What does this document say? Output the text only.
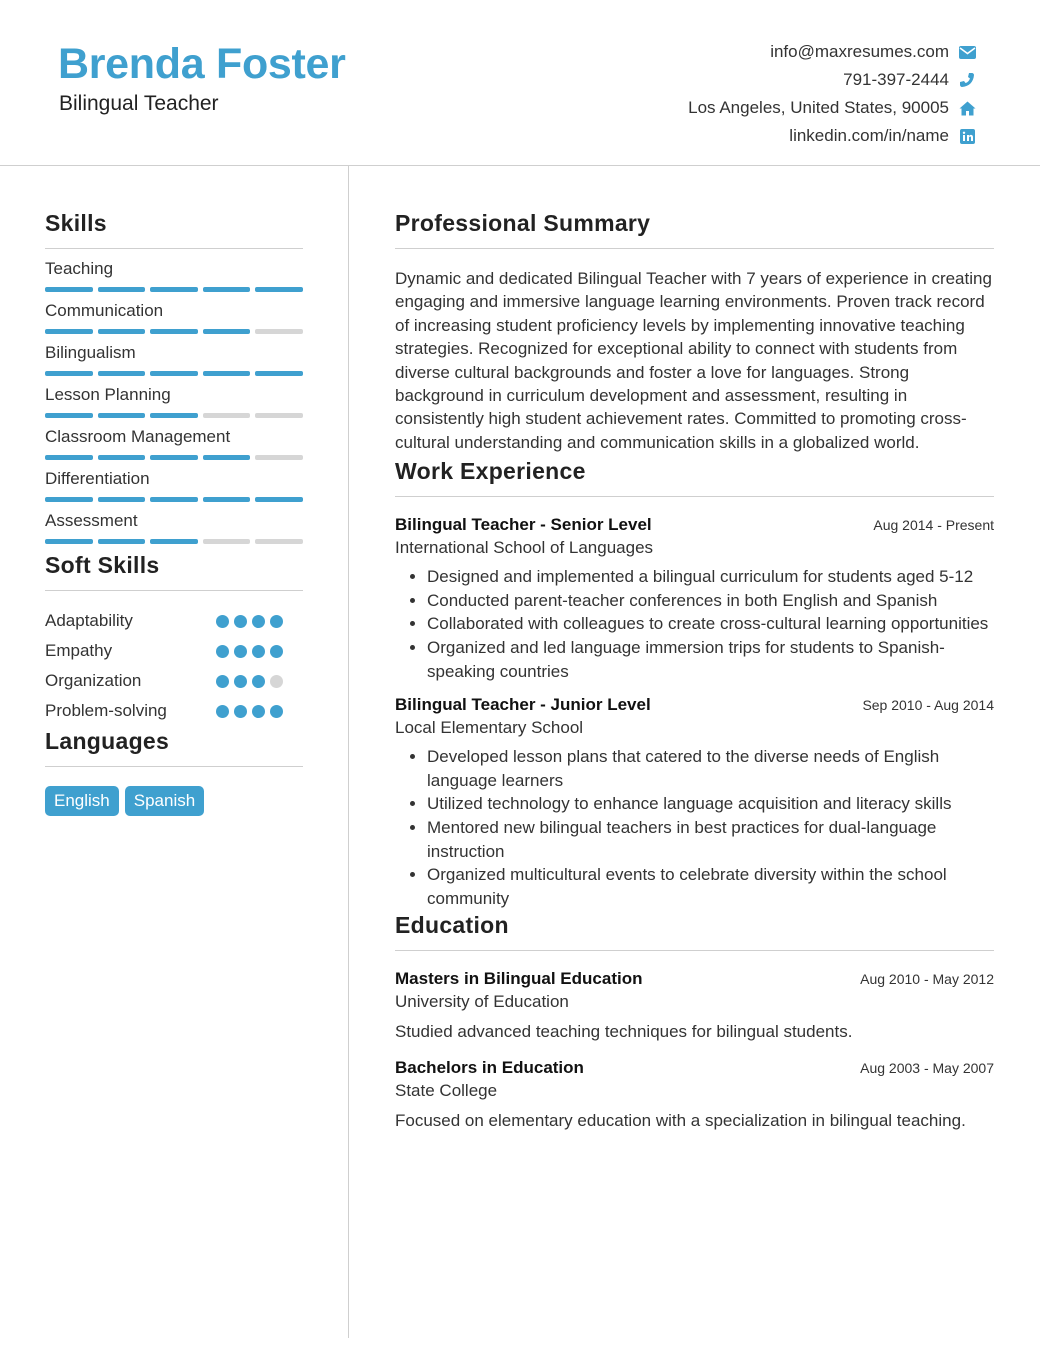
Brenda Foster
Bilingual Teacher
info@maxresumes.com
791-397-2444
Los Angeles, United States, 90005
linkedin.com/in/name
Skills
Teaching
Communication
Bilingualism
Lesson Planning
Classroom Management
Differentiation
Assessment
Soft Skills
Adaptability
Empathy
Organization
Problem-solving
Languages
English	Spanish
Professional Summary
Dynamic and dedicated Bilingual Teacher with 7 years of experience in creating engaging and immersive language learning environments. Proven track record of increasing student proficiency levels by implementing innovative teaching strategies. Recognized for exceptional ability to connect with students from diverse cultural backgrounds and foster a love for languages. Strong background in curriculum development and assessment, resulting in consistently high student achievement rates. Committed to promoting cross-cultural understanding and communication skills in a globalized world.
Work Experience
Bilingual Teacher - Senior Level	Aug 2014 - Present
International School of Languages
• Designed and implemented a bilingual curriculum for students aged 5-12
• Conducted parent-teacher conferences in both English and Spanish
• Collaborated with colleagues to create cross-cultural learning opportunities
• Organized and led language immersion trips for students to Spanish-speaking countries
Bilingual Teacher - Junior Level	Sep 2010 - Aug 2014
Local Elementary School
• Developed lesson plans that catered to the diverse needs of English language learners
• Utilized technology to enhance language acquisition and literacy skills
• Mentored new bilingual teachers in best practices for dual-language instruction
• Organized multicultural events to celebrate diversity within the school community
Education
Masters in Bilingual Education	Aug 2010 - May 2012
University of Education
Studied advanced teaching techniques for bilingual students.
Bachelors in Education	Aug 2003 - May 2007
State College
Focused on elementary education with a specialization in bilingual teaching.
